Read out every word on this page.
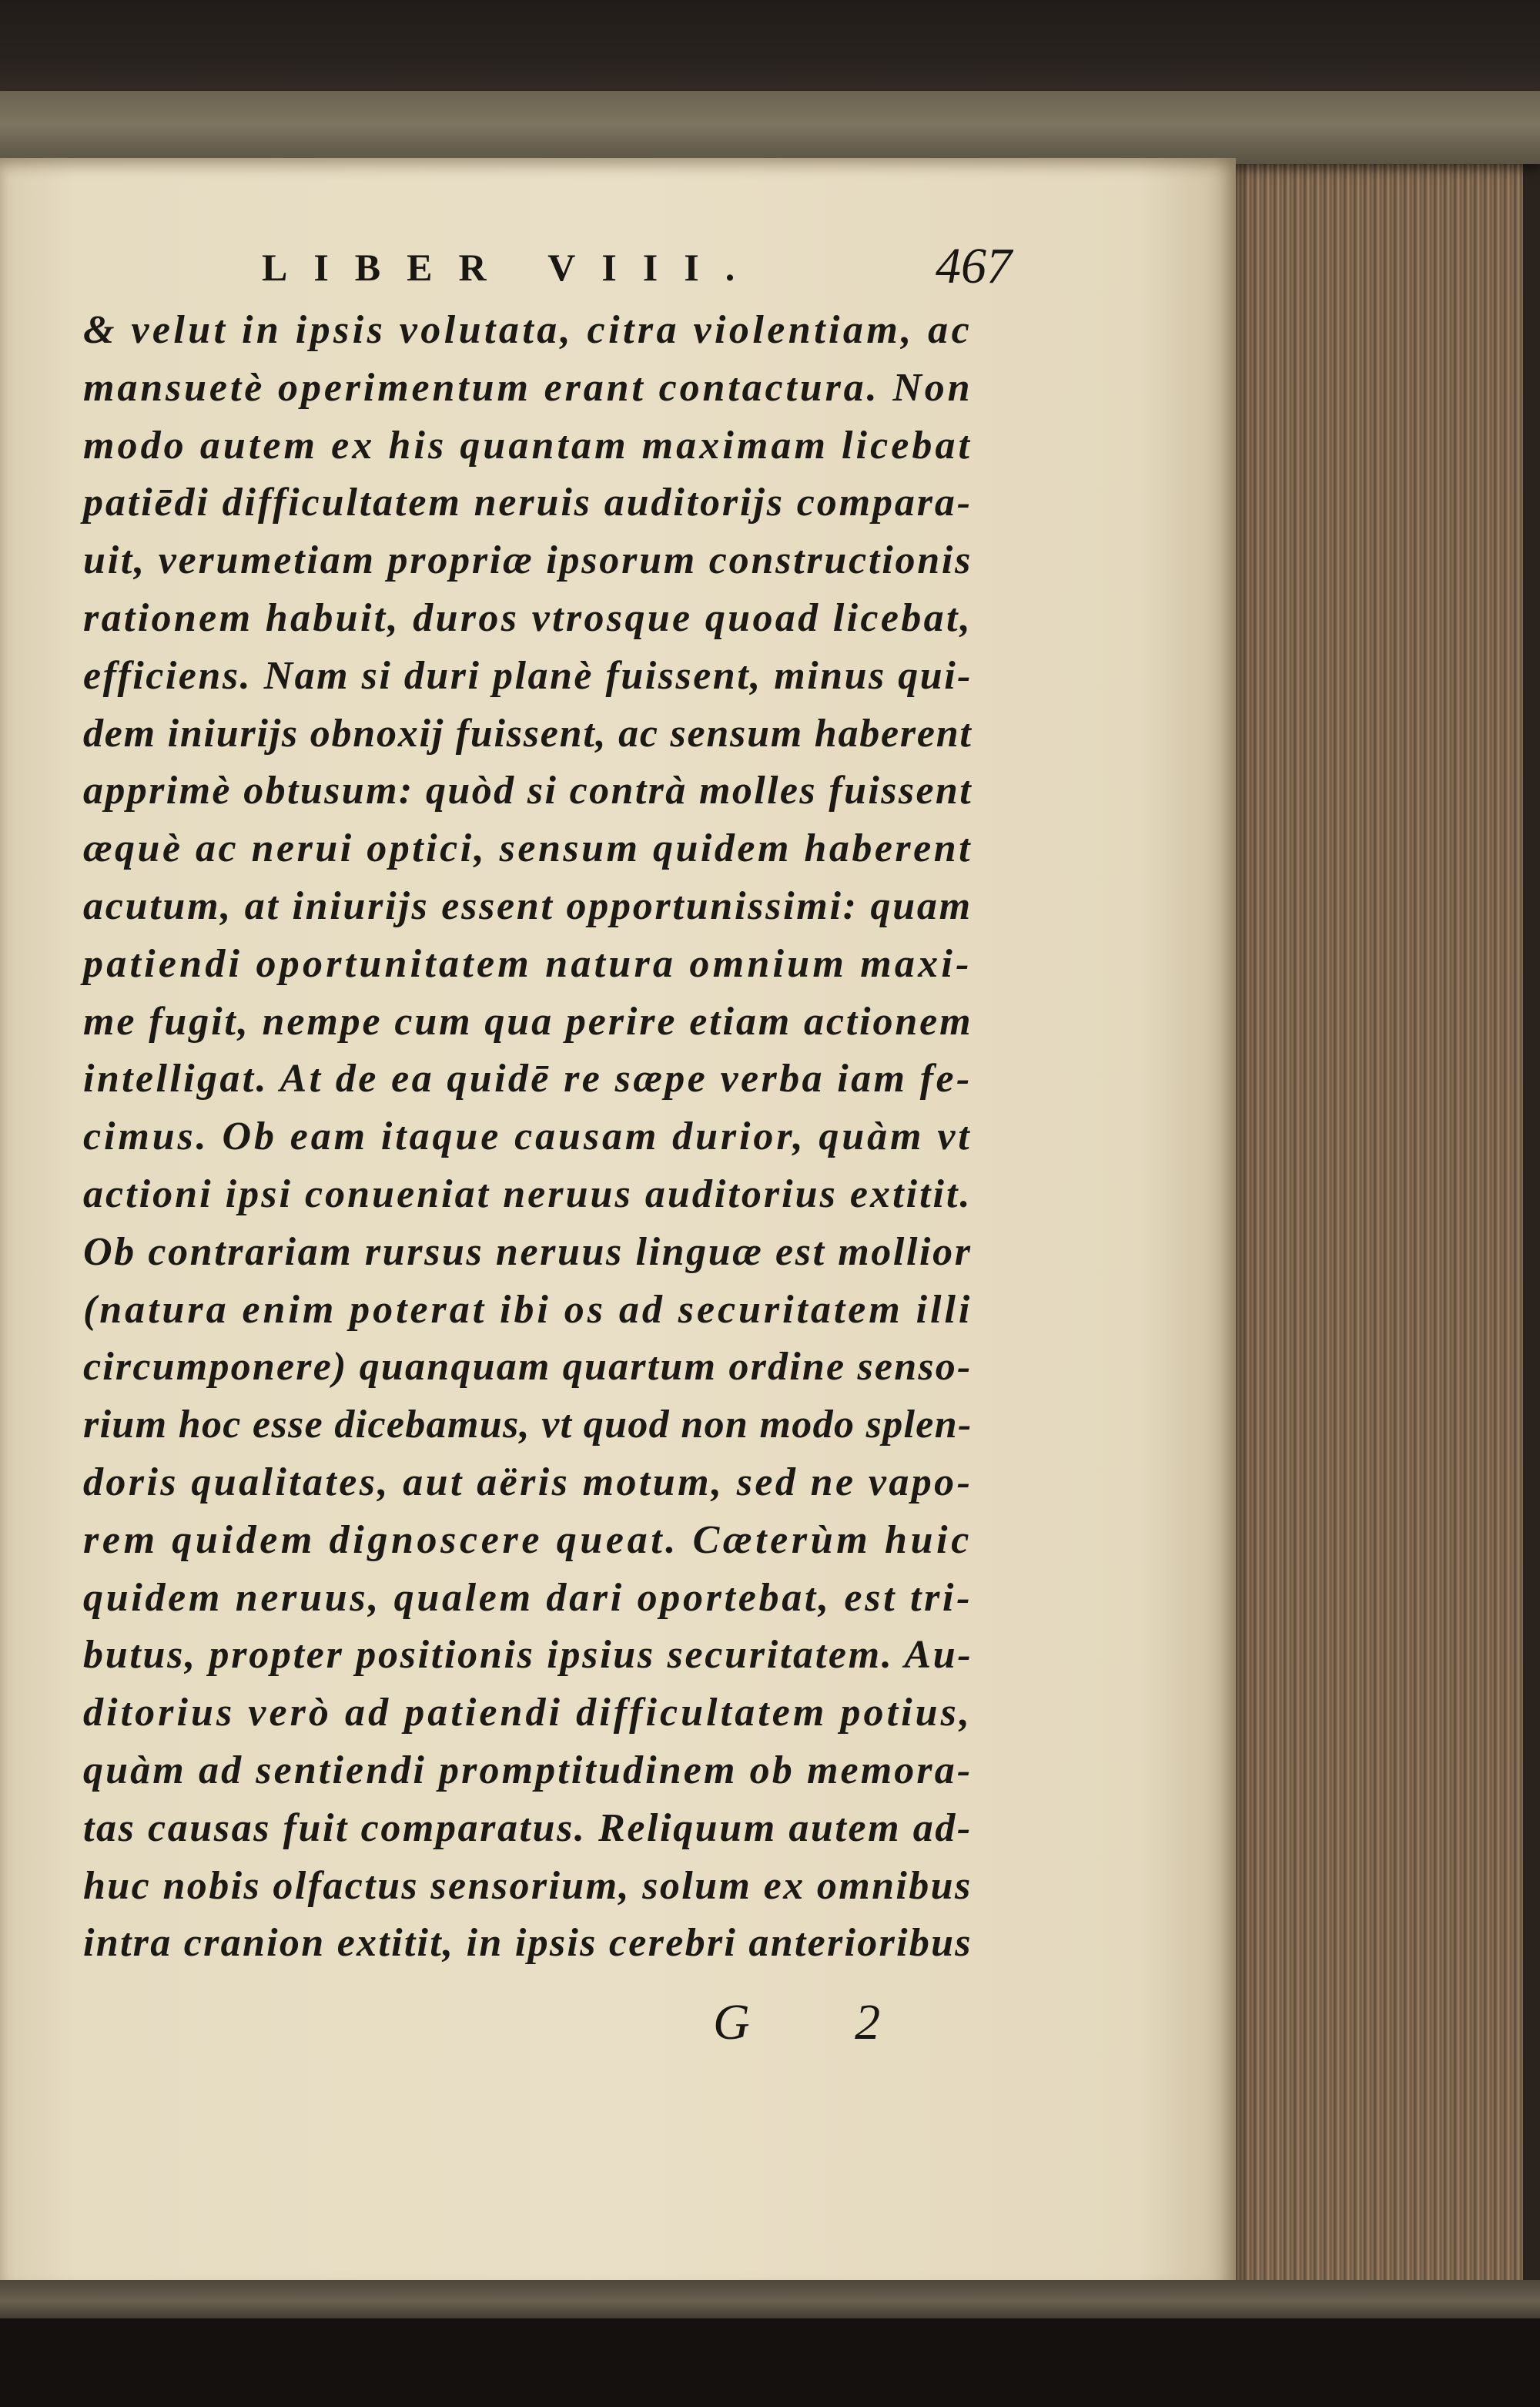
LIBER VIII.	467
& velut in ipsis volutata, citra violentiam, ac
mansuetè operimentum erant contactura. Non
modo autem ex his quantam maximam licebat
patiēdi difficultatem neruis auditorijs compara-
uit, verumetiam propriæ ipsorum constructionis
rationem habuit, duros vtrosque quoad licebat,
efficiens. Nam si duri planè fuissent, minus qui-
dem iniurijs obnoxij fuissent, ac sensum haberent
apprimè obtusum: quòd si contrà molles fuissent
æquè ac nerui optici, sensum quidem haberent
acutum, at iniurijs essent opportunissimi: quam
patiendi oportunitatem natura omnium maxi-
me fugit, nempe cum qua perire etiam actionem
intelligat. At de ea quidē re sæpe verba iam fe-
cimus. Ob eam itaque causam durior, quàm vt
actioni ipsi conueniat neruus auditorius extitit.
Ob contrariam rursus neruus linguæ est mollior
(natura enim poterat ibi os ad securitatem illi
circumponere) quanquam quartum ordine senso-
rium hoc esse dicebamus, vt quod non modo splen-
doris qualitates, aut aëris motum, sed ne vapo-
rem quidem dignoscere queat. Cæterùm huic
quidem neruus, qualem dari oportebat, est tri-
butus, propter positionis ipsius securitatem. Au-
ditorius verò ad patiendi difficultatem potius,
quàm ad sentiendi promptitudinem ob memora-
tas causas fuit comparatus. Reliquum autem ad-
huc nobis olfactus sensorium, solum ex omnibus
intra cranion extitit, in ipsis cerebri anterioribus
G 2
